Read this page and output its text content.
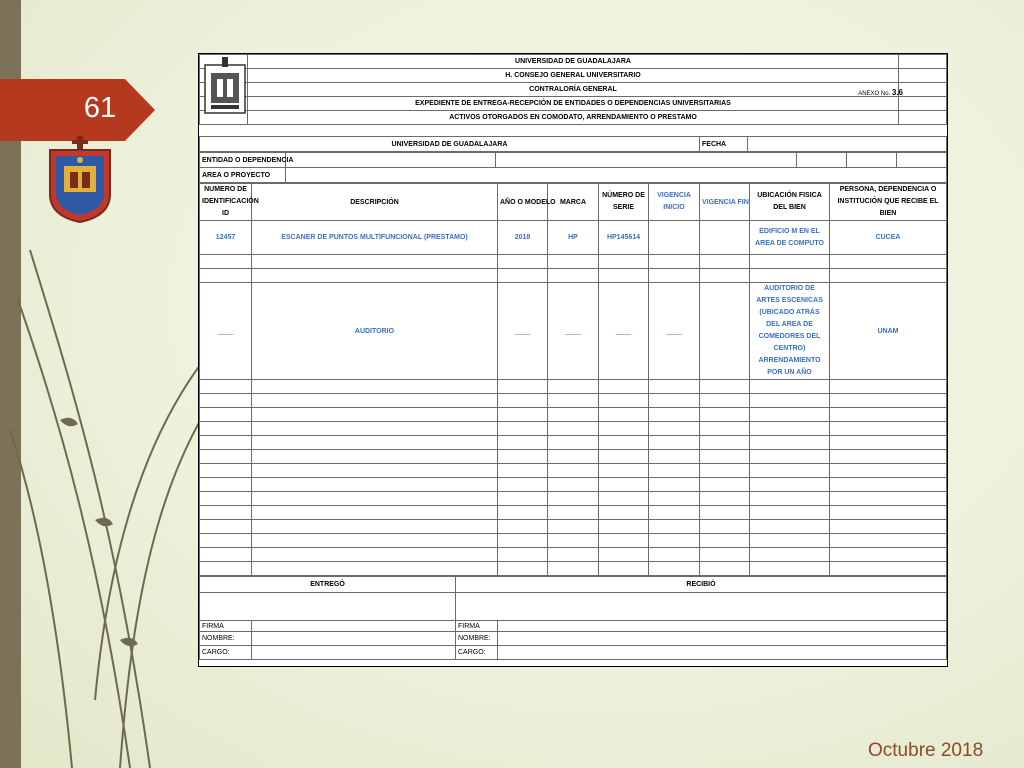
61
	UNIVERSIDAD DE GUADALAJARA	
	H. CONSEJO GENERAL UNIVERSITARIO	
	CONTRALORÍA GENERAL	
	EXPEDIENTE DE ENTREGA-RECEPCIÓN DE ENTIDADES O DEPENDENCIAS UNIVERSITARIAS	
	ACTIVOS OTORGADOS EN COMODATO, ARRENDAMIENTO O PRESTAMO	
ANEXO No. 3.6
UNIVERSIDAD DE GUADALAJARA	FECHA	
ENTIDAD O DEPENDENCIA					
AREA O PROYECTO					
NUMERO DE IDENTIFICACIÓN ID	DESCRIPCIÓN	AÑO O MODELO	MARCA	NÚMERO DE SERIE	VIGENCIA INICIO	VIGENCIA FIN	UBICACIÓN FISICA DEL BIEN	PERSONA, DEPENDENCIA O INSTITUCIÓN QUE RECIBE EL BIEN
12457	ESCANER DE PUNTOS MULTIFUNCIONAL (PRESTAMO)	2018	HP	HP145614			EDIFICIO M EN EL AREA DE COMPUTO	CUCEA

____	AUDITORIO	____	____	____	____		AUDITORIO DE ARTES ESCENICAS (UBICADO ATRÁS DEL AREA DE COMEDORES DEL CENTRO) ARRENDAMIENTO POR UN AÑO	UNAM

ENTREGÓ		RECIBIÓ	

FIRMA		FIRMA	
NOMBRE:		NOMBRE:	
CARGO:		CARGO:	
Octubre 2018
